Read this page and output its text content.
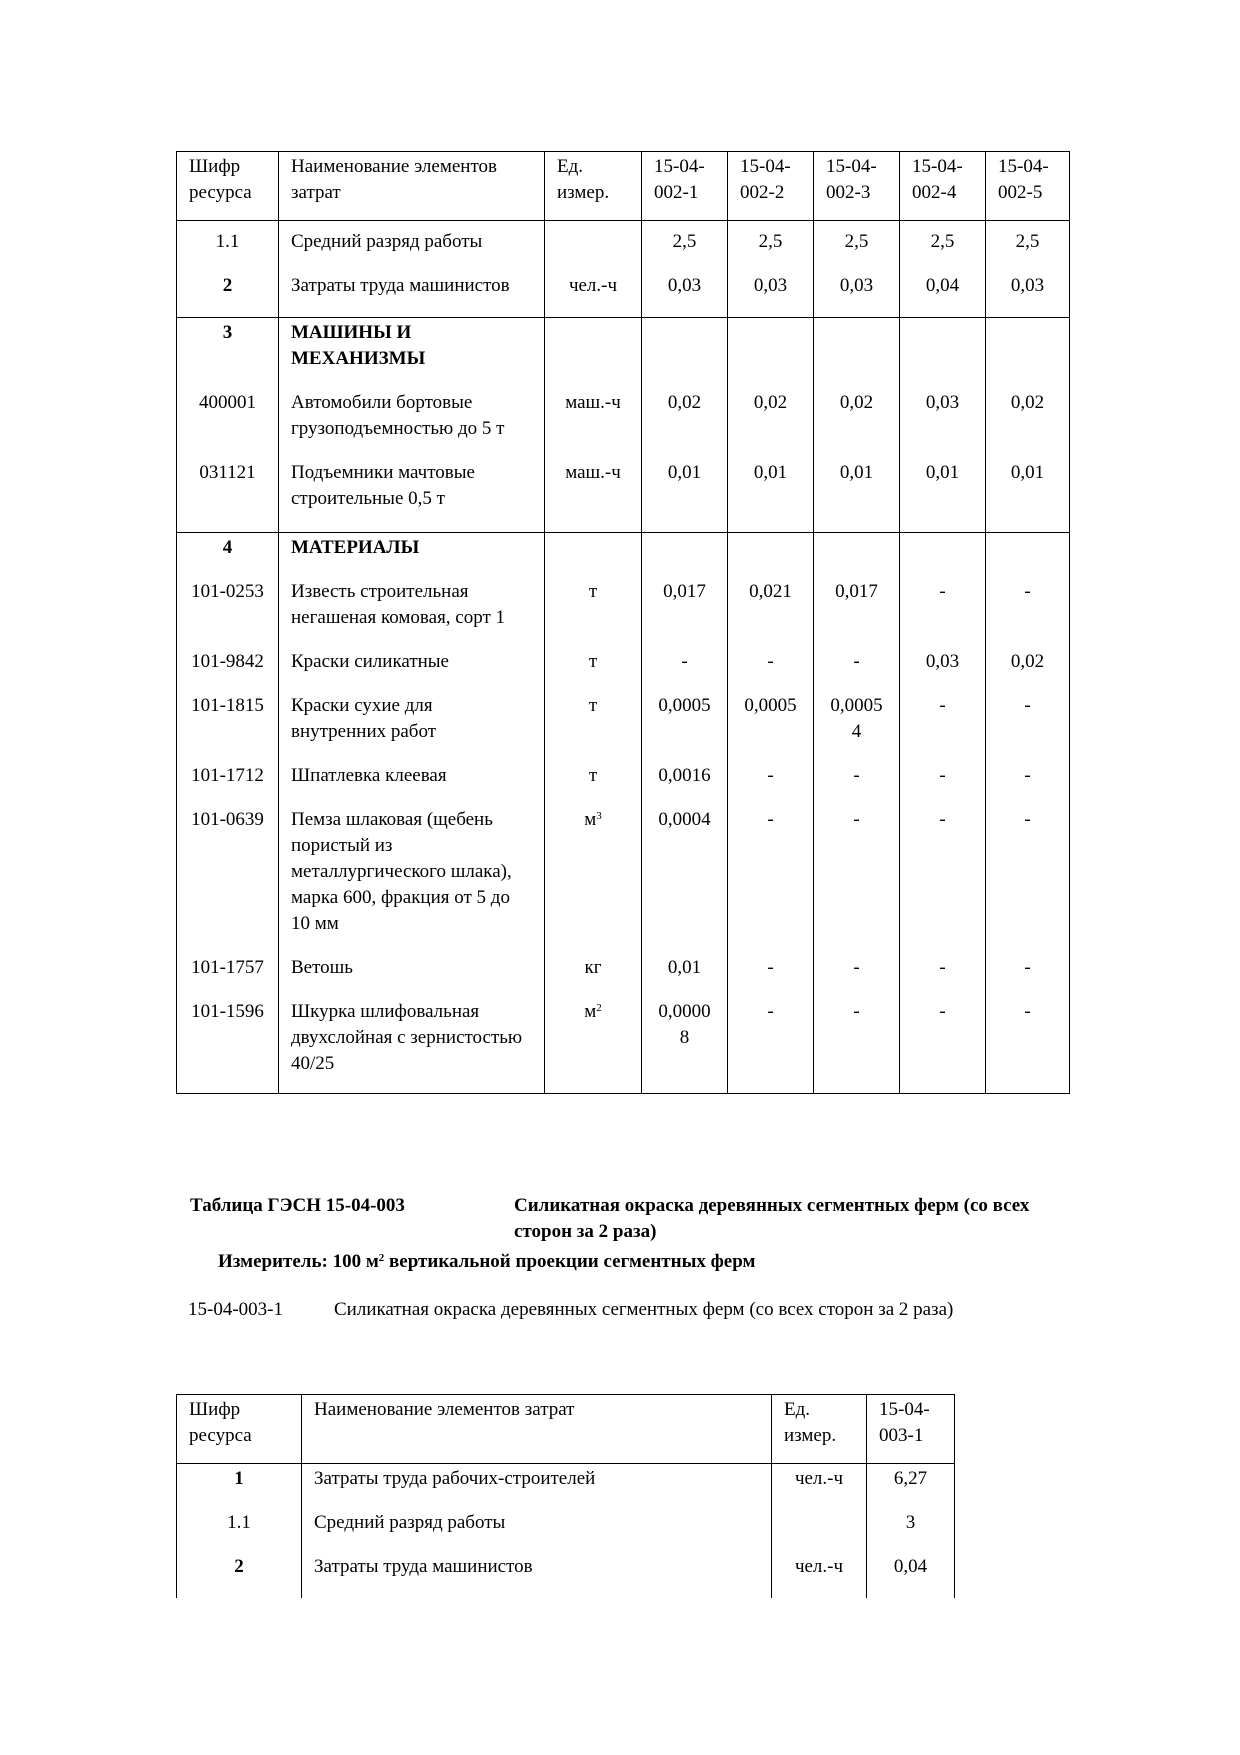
Шифр ресурса	Наименование элементов затрат	Ед. измер.	15-04-002-1	15-04-002-2	15-04-002-3	15-04-002-4	15-04-002-5
1.1	Средний разряд работы		2,5	2,5	2,5	2,5	2,5
2	Затраты труда машинистов	чел.-ч	0,03	0,03	0,03	0,04	0,03
3	МАШИНЫ И МЕХАНИЗМЫ						
400001	Автомобили бортовые грузоподъемностью до 5 т	маш.-ч	0,02	0,02	0,02	0,03	0,02
031121	Подъемники мачтовые строительные 0,5 т	маш.-ч	0,01	0,01	0,01	0,01	0,01
4	МАТЕРИАЛЫ						
101-0253	Известь строительная негашеная комовая, сорт 1	т	0,017	0,021	0,017	-	-
101-9842	Краски силикатные	т	-	-	-	0,03	0,02
101-1815	Краски сухие для внутренних работ	т	0,0005	0,0005	0,00054	-	-
101-1712	Шпатлевка клеевая	т	0,0016	-	-	-	-
101-0639	Пемза шлаковая (щебень пористый из металлургического шлака), марка 600, фракция от 5 до 10 мм	$м^3$	0,0004	-	-	-	-
101-1757	Ветошь	кг	0,01	-	-	-	-
101-1596	Шкурка шлифовальная двухслойная с зернистостью 40/25	$м^2$	0,00008	-	-	-	-
Таблица ГЭСН 15-04-003	Силикатная окраска деревянных сегментных ферм (со всех сторон за 2 раза)
Измеритель: 100 $м^2$ вертикальной проекции сегментных ферм
15-04-003-1	Силикатная окраска деревянных сегментных ферм (со всех сторон за 2 раза)
Шифр ресурса	Наименование элементов затрат	Ед. измер.	15-04-003-1
1	Затраты труда рабочих-строителей	чел.-ч	6,27
1.1	Средний разряд работы		3
2	Затраты труда машинистов	чел.-ч	0,04
